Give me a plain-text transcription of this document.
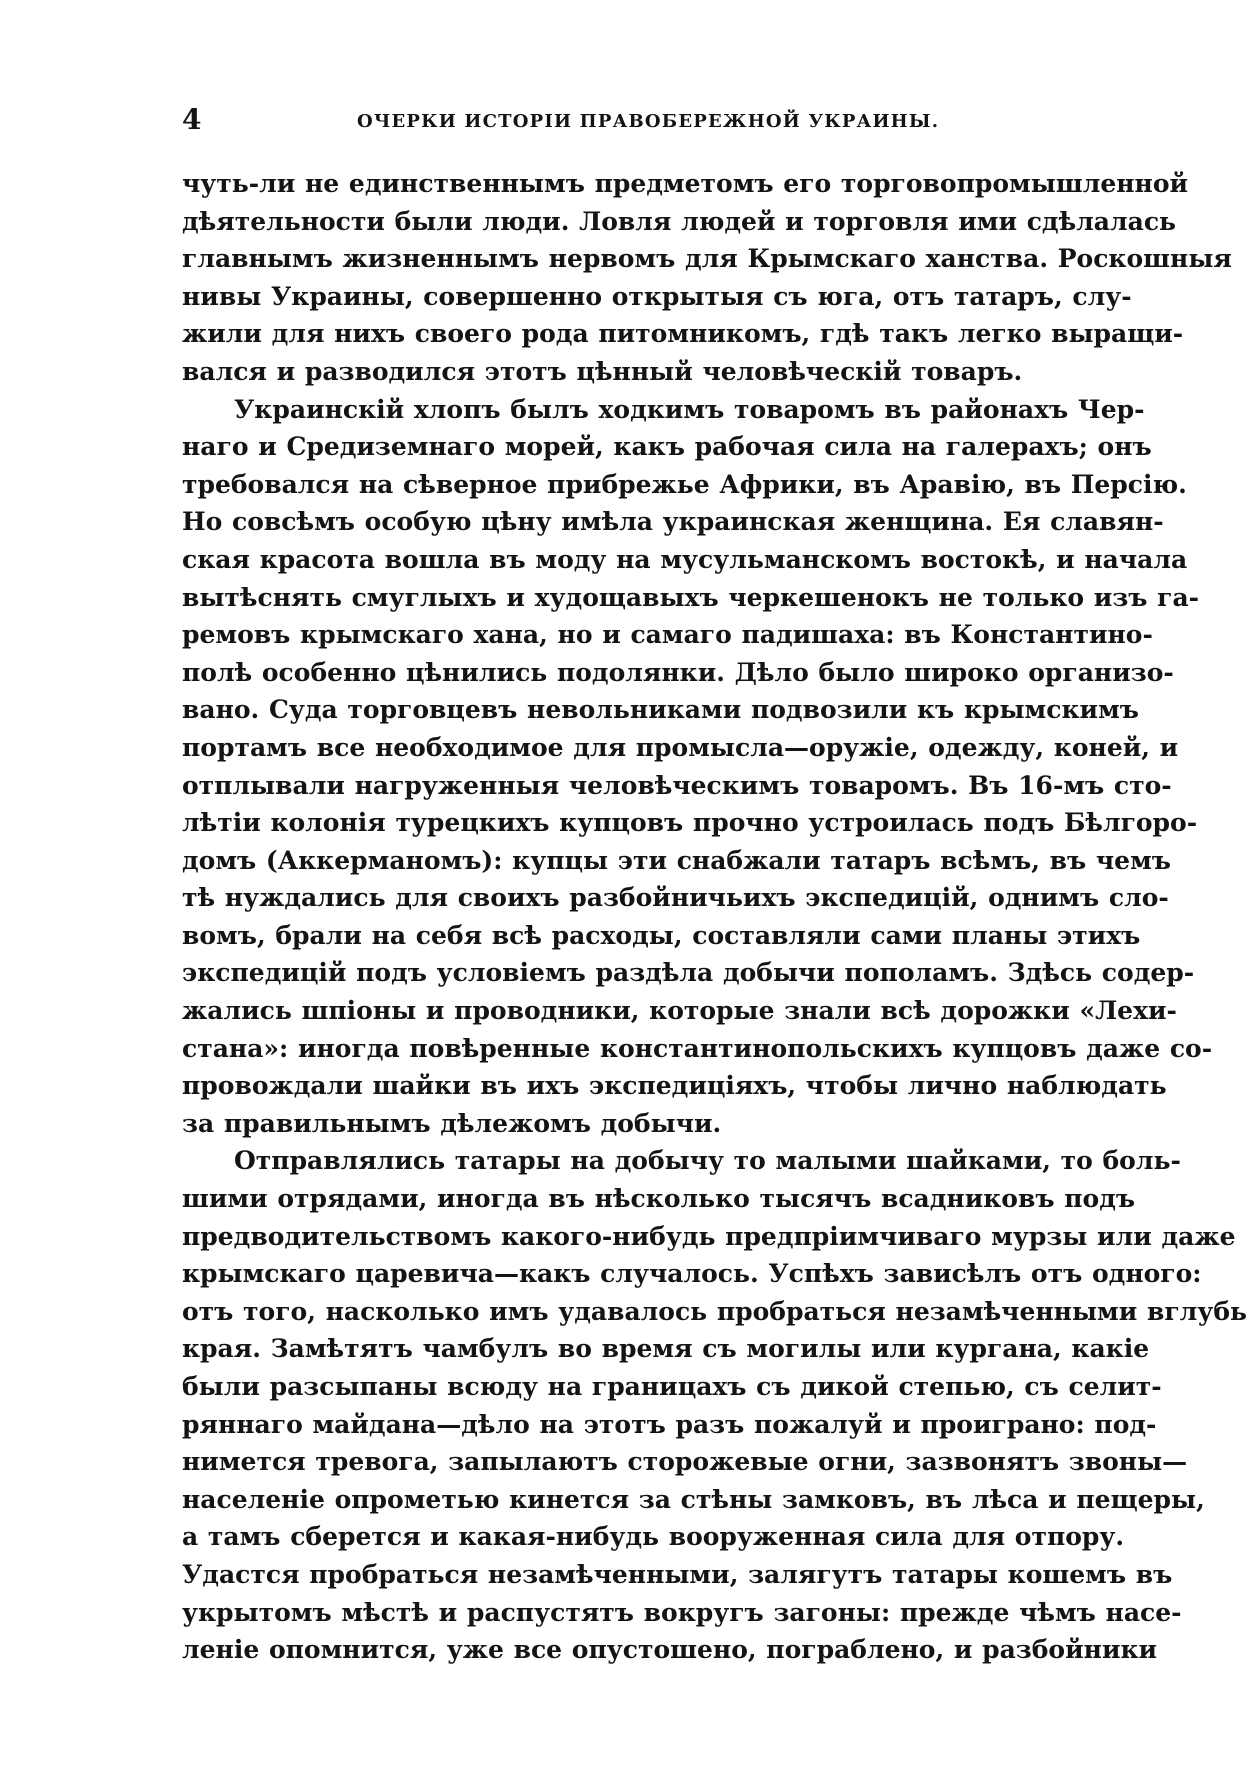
4	ОЧЕРКИ ИСТОРІИ ПРАВОБЕРЕЖНОЙ УКРАИНЫ.

чуть-ли не единственнымъ предметомъ его торговопромышленной
дѣятельности были люди. Ловля людей и торговля ими сдѣлалась
главнымъ жизненнымъ нервомъ для Крымскаго ханства. Роскошныя
нивы Украины, совершенно открытыя съ юга, отъ татаръ, слу-
жили для нихъ своего рода питомникомъ, гдѣ такъ легко выращи-
вался и разводился этотъ цѣнный человѣческій товаръ.

Украинскій хлопъ былъ ходкимъ товаромъ въ районахъ Чер-
наго и Средиземнаго морей, какъ рабочая сила на галерахъ; онъ
требовался на сѣверное прибрежье Африки, въ Аравію, въ Персію.
Но совсѣмъ особую цѣну имѣла украинская женщина. Ея славян-
ская красота вошла въ моду на мусульманскомъ востокѣ, и начала
вытѣснять смуглыхъ и худощавыхъ черкешенокъ не только изъ га-
ремовъ крымскаго хана, но и самаго падишаха: въ Константино-
полѣ особенно цѣнились подолянки. Дѣло было широко организо-
вано. Суда торговцевъ невольниками подвозили къ крымскимъ
портамъ все необходимое для промысла—оружіе, одежду, коней, и
отплывали нагруженныя человѣческимъ товаромъ. Въ 16-мъ сто-
лѣтіи колонія турецкихъ купцовъ прочно устроилась подъ Бѣлгоро-
домъ (Аккерманомъ): купцы эти снабжали татаръ всѣмъ, въ чемъ
тѣ нуждались для своихъ разбойничьихъ экспедицій, однимъ сло-
вомъ, брали на себя всѣ расходы, составляли сами планы этихъ
экспедицій подъ условіемъ раздѣла добычи пополамъ. Здѣсь содер-
жались шпіоны и проводники, которые знали всѣ дорожки «Лехи-
стана»: иногда повѣренные константинопольскихъ купцовъ даже со-
провождали шайки въ ихъ экспедиціяхъ, чтобы лично наблюдать
за правильнымъ дѣлежомъ добычи.

Отправлялись татары на добычу то малыми шайками, то боль-
шими отрядами, иногда въ нѣсколько тысячъ всадниковъ подъ
предводительствомъ какого-нибудь предпріимчиваго мурзы или даже
крымскаго царевича—какъ случалось. Успѣхъ зависѣлъ отъ одного:
отъ того, насколько имъ удавалось пробраться незамѣченными вглубь
края. Замѣтятъ чамбулъ во время съ могилы или кургана, какіе
были разсыпаны всюду на границахъ съ дикой степью, съ селит-
ряннаго майдана—дѣло на этотъ разъ пожалуй и проиграно: под-
нимется тревога, запылаютъ сторожевые огни, зазвонятъ звоны—
населеніе опрометью кинется за стѣны замковъ, въ лѣса и пещеры,
а тамъ сберется и какая-нибудь вооруженная сила для отпору.
Удастся пробраться незамѣченными, залягутъ татары кошемъ въ
укрытомъ мѣстѣ и распустятъ вокругъ загоны: прежде чѣмъ насе-
леніе опомнится, уже все опустошено, пограблено, и разбойники
